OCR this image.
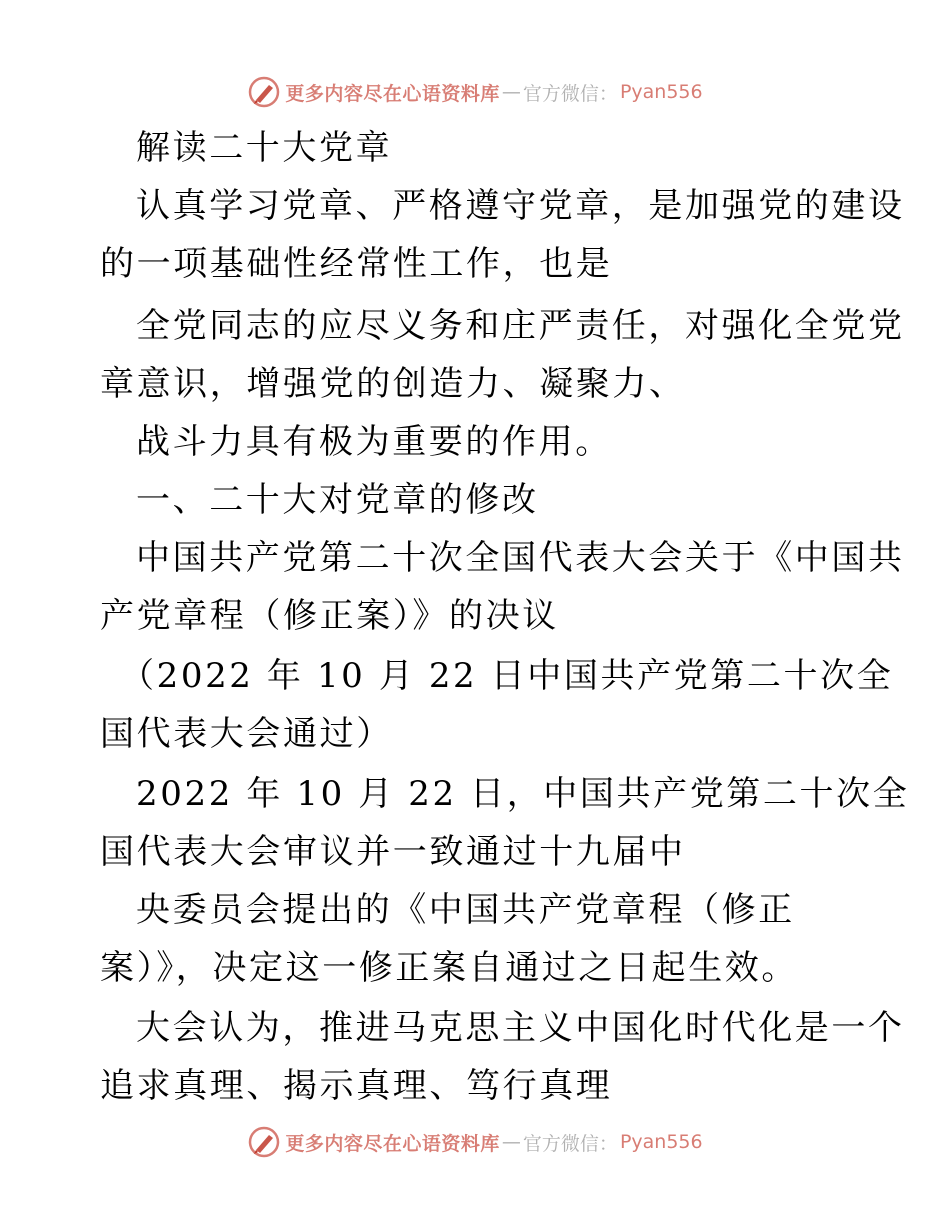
更多内容尽在心语资料库 — 官方微信： Pyan556
解读二十大党章
认真学习党章、严格遵守党章，是加强党的建设
的一项基础性经常性工作，也是
全党同志的应尽义务和庄严责任，对强化全党党
章意识，增强党的创造力、凝聚力、
战斗力具有极为重要的作用。
一、二十大对党章的修改
中国共产党第二十次全国代表大会关于《中国共
产党章程（修正案）》的决议
（2022 年 10 月 22 日中国共产党第二十次全
国代表大会通过）
2022 年 10 月 22 日，中国共产党第二十次全
国代表大会审议并一致通过十九届中
央委员会提出的《中国共产党章程（修正
案）》，决定这一修正案自通过之日起生效。
大会认为，推进马克思主义中国化时代化是一个
追求真理、揭示真理、笃行真理
更多内容尽在心语资料库 — 官方微信： Pyan556
